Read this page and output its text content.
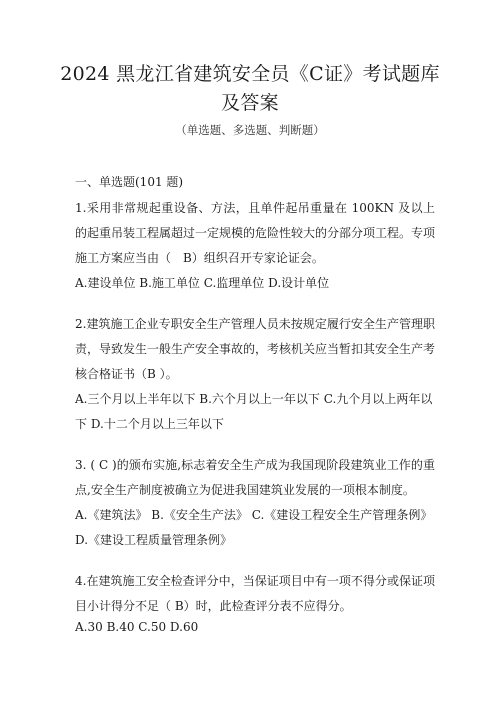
2024 黑龙江省建筑安全员《C证》考试题库
及答案
（单选题、多选题、判断题）

一、单选题(101 题)

1.采用非常规起重设备、方法，且单件起吊重量在 100KN 及以上的起重吊装工程属超过一定规模的危险性较大的分部分项工程。专项施工方案应当由（　B）组织召开专家论证会。

A.建设单位 B.施工单位 C.监理单位 D.设计单位

2.建筑施工企业专职安全生产管理人员未按规定履行安全生产管理职责，导致发生一般生产安全事故的，考核机关应当暂扣其安全生产考核合格证书（B ）。

A.三个月以上半年以下 B.六个月以上一年以下 C.九个月以上两年以下 D.十二个月以上三年以下

3. ( C )的颁布实施,标志着安全生产成为我国现阶段建筑业工作的重点,安全生产制度被确立为促进我国建筑业发展的一项根本制度。

A.《建筑法》 B.《安全生产法》 C.《建设工程安全生产管理条例》 D.《建设工程质量管理条例》

4.在建筑施工安全检查评分中，当保证项目中有一项不得分或保证项目小计得分不足（ B）时，此检查评分表不应得分。

A.30 B.40 C.50 D.60
